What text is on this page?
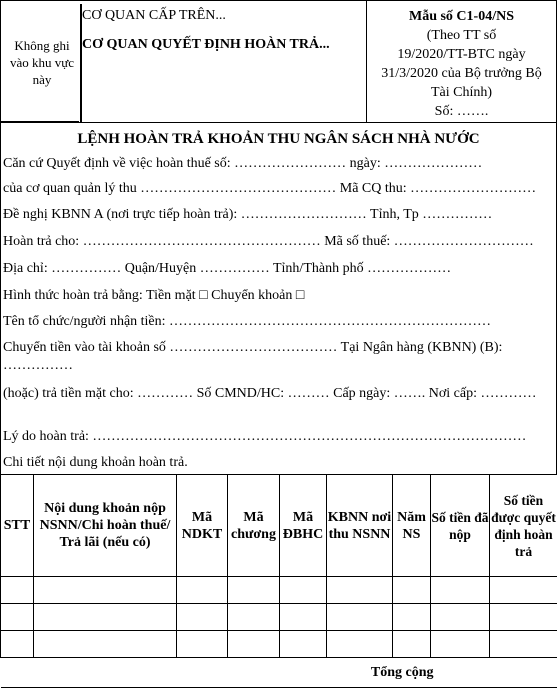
Không ghi vào khu vực này
CƠ QUAN CẤP TRÊN...
CƠ QUAN QUYẾT ĐỊNH HOÀN TRẢ...
Mẫu số C1-04/NS
(Theo TT số
19/2020/TT-BTC ngày
31/3/2020 của Bộ trưởng Bộ
Tài Chính)
Số: …….
LỆNH HOÀN TRẢ KHOẢN THU NGÂN SÁCH NHÀ NƯỚC
Căn cứ Quyết định về việc hoàn thuế số: …………………… ngày: …………………
của cơ quan quản lý thu …………………………………… Mã CQ thu: ………………………
Đề nghị KBNN A (nơi trực tiếp hoàn trả): ……………………… Tỉnh, Tp ……………
Hoàn trả cho: …………………………………………… Mã số thuế: …………………………
Địa chỉ: …………… Quận/Huyện …………… Tỉnh/Thành phố ………………
Hình thức hoàn trả bằng: Tiền mặt □ Chuyển khoản □
Tên tổ chức/người nhận tiền: ……………………………………………………………
Chuyển tiền vào tài khoản số ……………………………… Tại Ngân hàng (KBNN) (B): ……………
(hoặc) trả tiền mặt cho: ………… Số CMND/HC: ……… Cấp ngày: ……. Nơi cấp: …………
Lý do hoàn trả: …………………………………………………………………………………
Chi tiết nội dung khoản hoàn trả.
STT	Nội dung khoản nộp NSNN/Chi hoàn thuế/ Trả lãi (nếu có)	Mã NDKT	Mã chương	Mã ĐBHC	KBNN nơi thu NSNN	Năm NS	Số tiền đã nộp	Số tiền được quyết định hoàn trả

Tổng cộng								
